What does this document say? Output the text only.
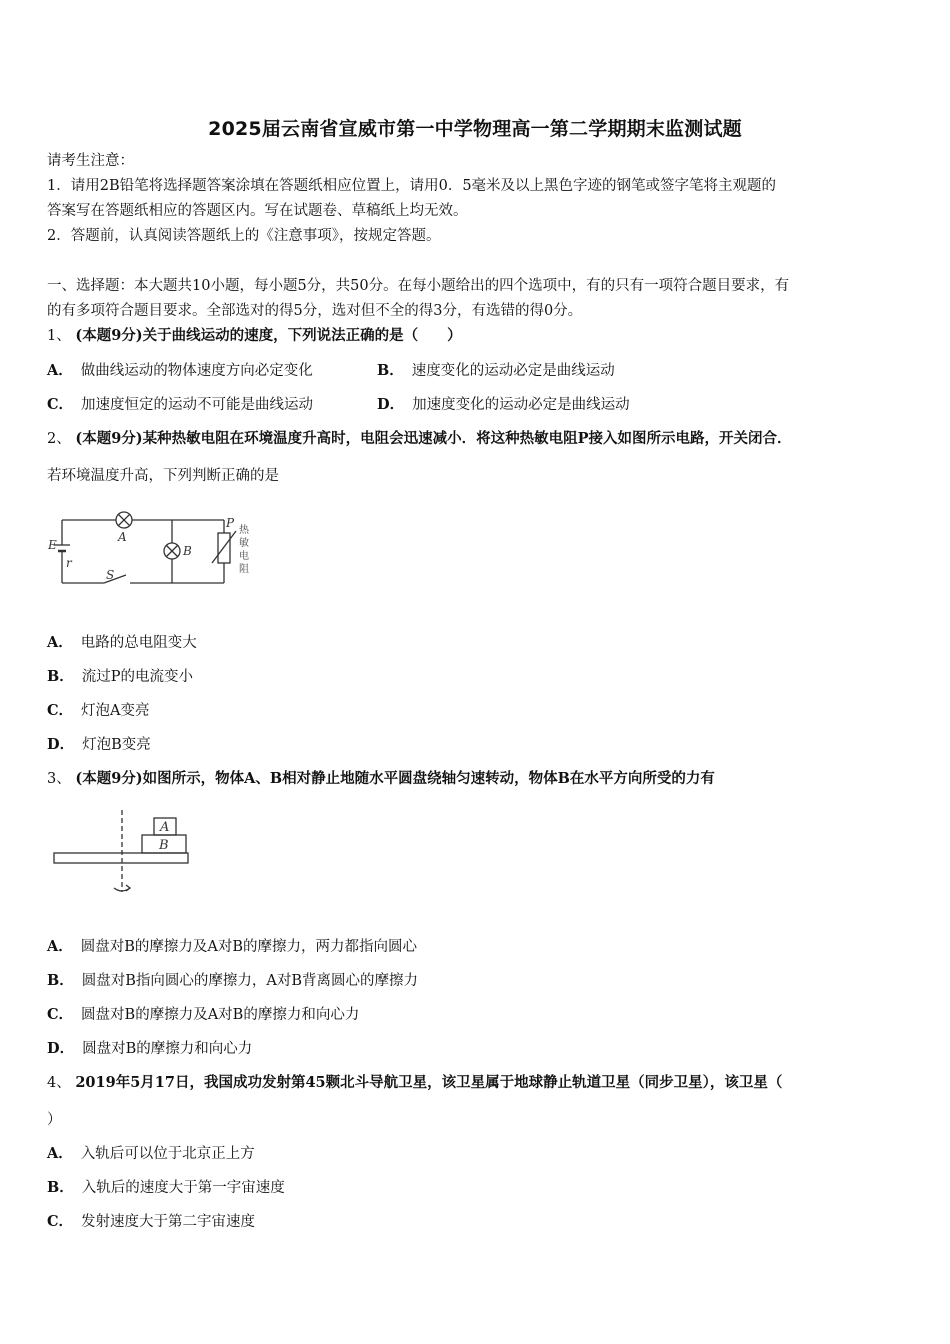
2025届云南省宣威市第一中学物理高一第二学期期末监测试题
请考生注意：
1．请用2B铅笔将选择题答案涂填在答题纸相应位置上，请用0．5毫米及以上黑色字迹的钢笔或签字笔将主观题的
答案写在答题纸相应的答题区内。写在试题卷、草稿纸上均无效。
2．答题前，认真阅读答题纸上的《注意事项》，按规定答题。
一、选择题：本大题共10小题，每小题5分，共50分。在每小题给出的四个选项中，有的只有一项符合题目要求，有
的有多项符合题目要求。全部选对的得5分，选对但不全的得3分，有选错的得0分。
1、 (本题9分)关于曲线运动的速度，下列说法正确的是（　　）
A． 做曲线运动的物体速度方向必定变化	B． 速度变化的运动必定是曲线运动
C． 加速度恒定的运动不可能是曲线运动	D． 加速度变化的运动必定是曲线运动
2、 (本题9分)某种热敏电阻在环境温度升高时，电阻会迅速减小．将这种热敏电阻P接入如图所示电路，开关闭合．
若环境温度升高，下列判断正确的是
E
r
S
A
B
P
热
敏
电
阻
A． 电路的总电阻变大
B． 流过P的电流变小
C． 灯泡A变亮
D． 灯泡B变亮
3、 (本题9分)如图所示，物体A、B相对静止地随水平圆盘绕轴匀速转动，物体B在水平方向所受的力有
A
B
A． 圆盘对B的摩擦力及A对B的摩擦力，两力都指向圆心
B． 圆盘对B指向圆心的摩擦力，A对B背离圆心的摩擦力
C． 圆盘对B的摩擦力及A对B的摩擦力和向心力
D． 圆盘对B的摩擦力和向心力
4、 2019年5月17日，我国成功发射第45颗北斗导航卫星，该卫星属于地球静止轨道卫星（同步卫星），该卫星（
）
A． 入轨后可以位于北京正上方
B． 入轨后的速度大于第一宇宙速度
C． 发射速度大于第二宇宙速度
